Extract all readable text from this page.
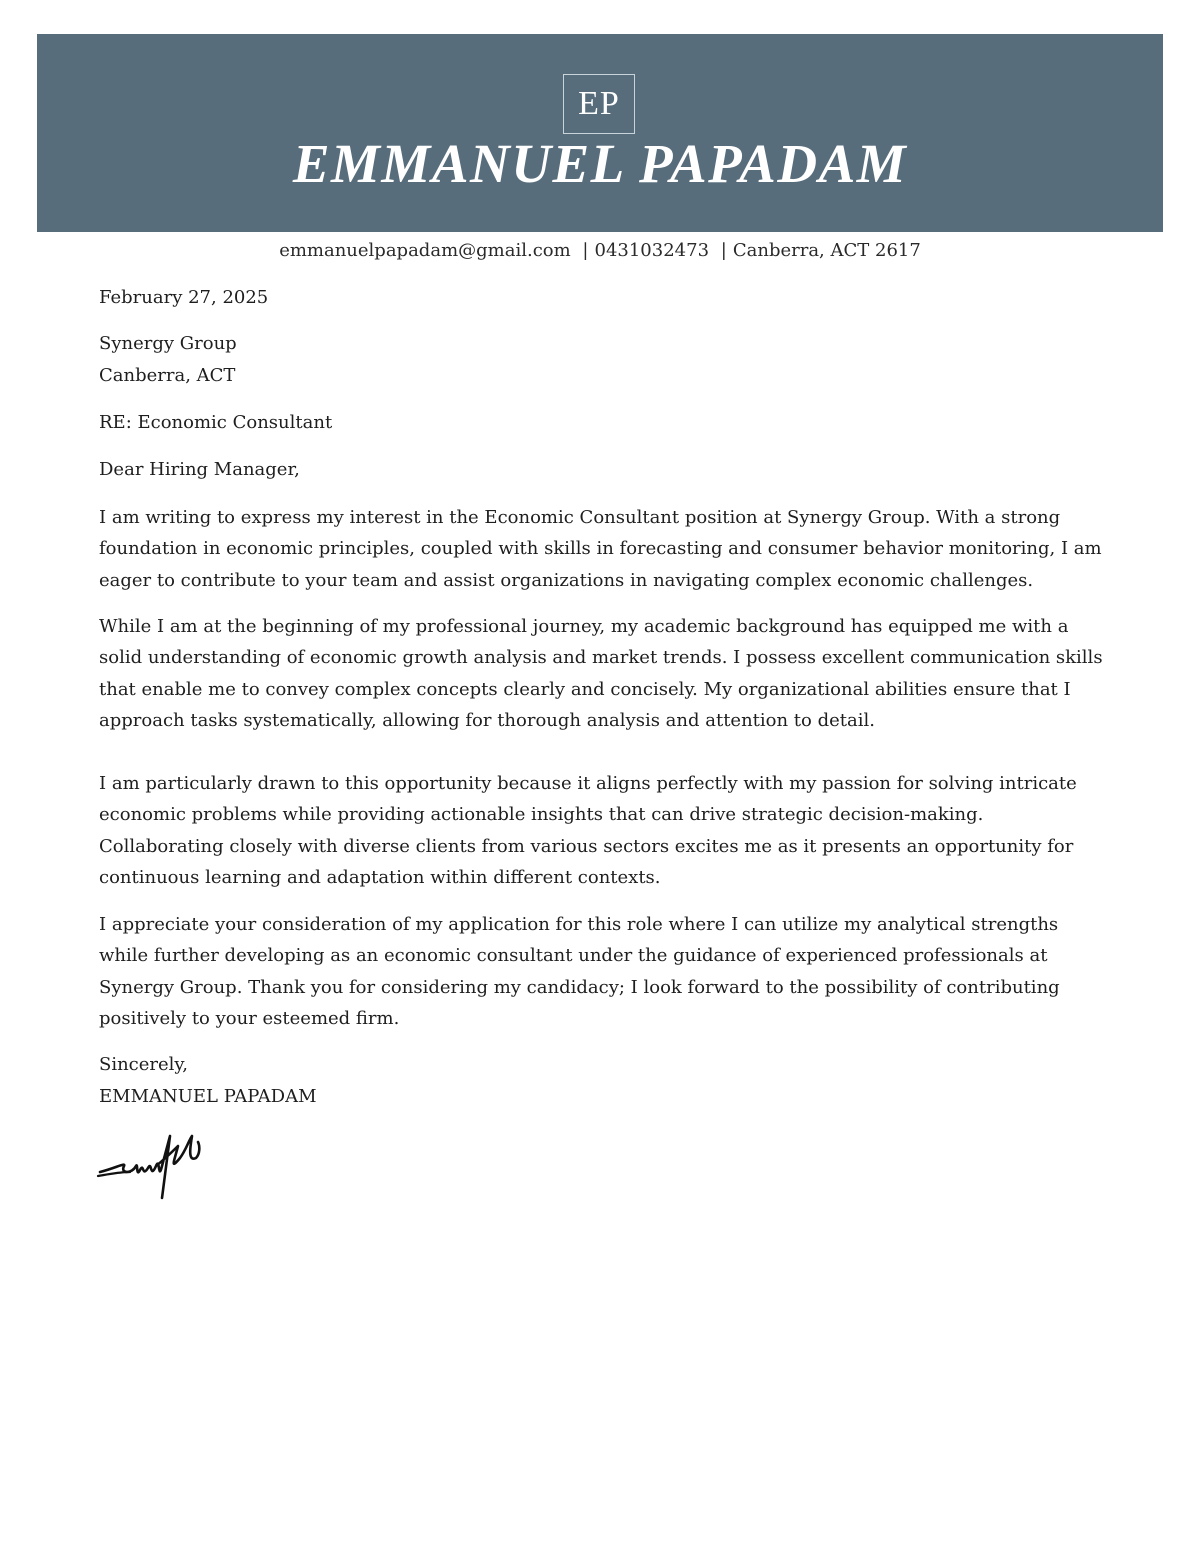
EP
EMMANUEL PAPADAM
emmanuelpapadam@gmail.com | 0431032473 | Canberra, ACT 2617
February 27, 2025
Synergy Group
Canberra, ACT
RE: Economic Consultant
Dear Hiring Manager,
I am writing to express my interest in the Economic Consultant position at Synergy Group. With a strong foundation in economic principles, coupled with skills in forecasting and consumer behavior monitoring, I am eager to contribute to your team and assist organizations in navigating complex economic challenges.
While I am at the beginning of my professional journey, my academic background has equipped me with a solid understanding of economic growth analysis and market trends. I possess excellent communication skills that enable me to convey complex concepts clearly and concisely. My organizational abilities ensure that I approach tasks systematically, allowing for thorough analysis and attention to detail.
I am particularly drawn to this opportunity because it aligns perfectly with my passion for solving intricate economic problems while providing actionable insights that can drive strategic decision-making. Collaborating closely with diverse clients from various sectors excites me as it presents an opportunity for continuous learning and adaptation within different contexts.
I appreciate your consideration of my application for this role where I can utilize my analytical strengths while further developing as an economic consultant under the guidance of experienced professionals at Synergy Group. Thank you for considering my candidacy; I look forward to the possibility of contributing positively to your esteemed firm.
Sincerely,
EMMANUEL PAPADAM
